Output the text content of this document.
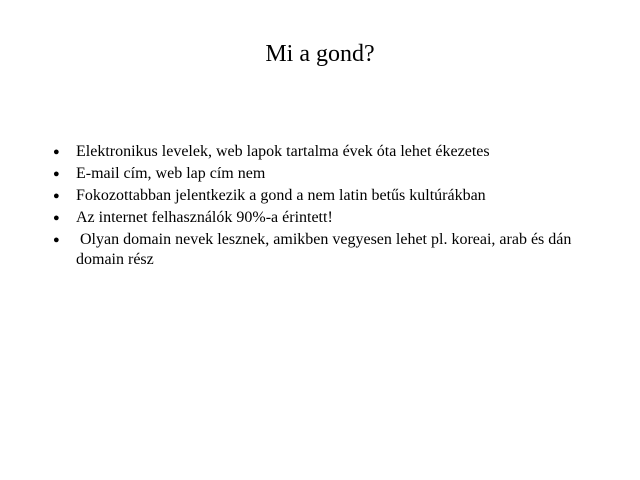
Mi a gond?
● Elektronikus levelek, web lapok tartalma évek óta lehet ékezetes
● E-mail cím, web lap cím nem
● Fokozottabban jelentkezik a gond a nem latin betűs kultúrákban
● Az internet felhasználók 90%-a érintett!
● Olyan domain nevek lesznek, amikben vegyesen lehet pl. koreai, arab és dán domain rész
